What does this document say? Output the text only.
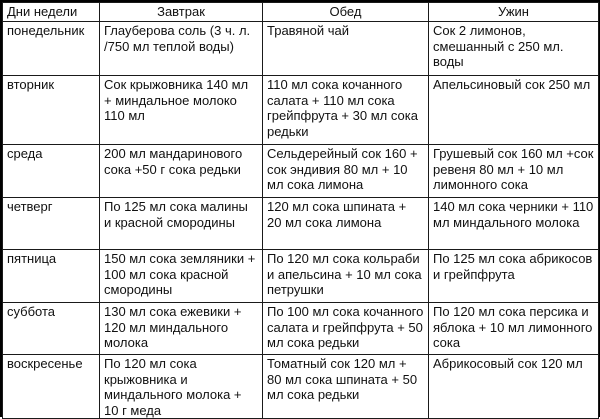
Дни недели	Завтрак	Обед	Ужин
понедельник	Глауберова соль (3 ч. л. /750 мл теплой воды)	Травяной чай	Сок 2 лимонов, смешанный с 250 мл. воды
вторник	Сок крыжовника 140 мл + миндальное молоко 110 мл	110 мл сока кочанного салата + 110 мл сока грейпфрута + 30 мл сока редьки	Апельсиновый сок 250 мл
среда	200 мл мандаринового сока +50 г сока редьки	Сельдерейный сок 160 + сок эндивия 80 мл + 10 мл сока лимона	Грушевый сок 160 мл +сок ревеня 80 мл + 10 мл лимонного сока
четверг	По 125 мл сока малины и красной смородины	120 мл сока шпината + 20 мл сока лимона	140 мл сока черники + 110 мл миндального молока
пятница	150 мл сока земляники + 100 мл сока красной смородины	По 120 мл сока кольраби и апельсина + 10 мл сока петрушки	По 125 мл сока абрикосов и грейпфрута
суббота	130 мл сока ежевики + 120 мл миндального молока	По 100 мл сока кочанного салата и грейпфрута + 50 мл сока редьки	По 120 мл сока персика и яблока + 10 мл лимонного сока
воскресенье	По 120 мл сока крыжовника и миндального молока + 10 г меда	Томатный сок 120 мл + 80 мл сока шпината + 50 мл сока редьки	Абрикосовый сок 120 мл
